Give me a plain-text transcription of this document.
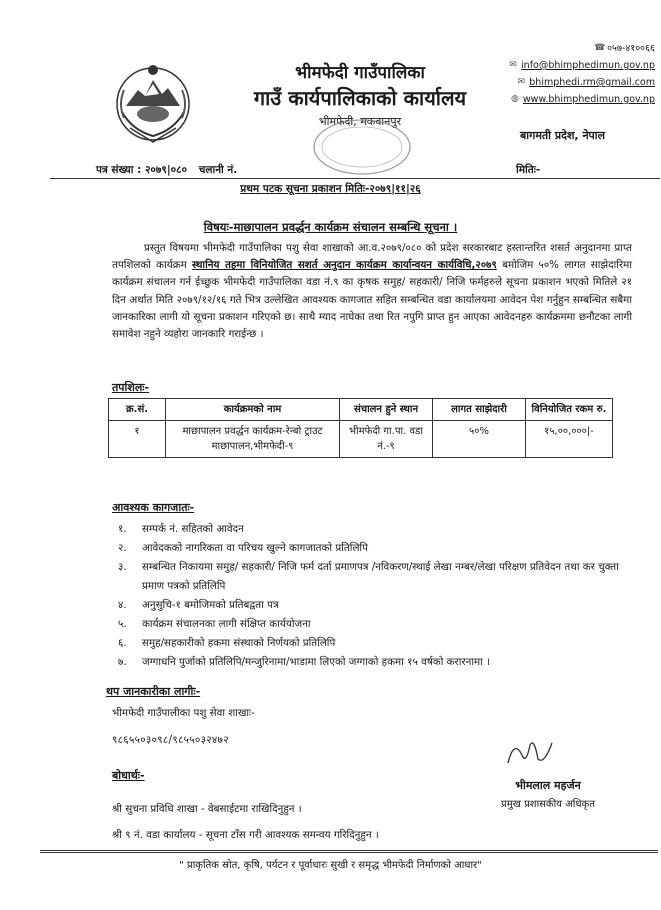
भीमफेदी गाउँपालिका
गाउँ कार्यपालिकाको कार्यालय
भीमफेदी, मकवानपुर
☎ ०५७-४१००६६
✉ info@bhimphedimun.gov.np
✉ bhimphedi.rm@gmail.com
◍ www.bhimphedimun.gov.np
बागमती प्रदेश, नेपाल
पत्र संख्या : २०७९|०८० चलानी नं.	मितिः-
प्रथम पटक सूचना प्रकाशन मितिः-२०७९|११|२६
विषयः-माछापालन प्रवर्द्धन कार्यक्रम संचालन सम्बन्धि सूचना ।
प्रस्तुत विषयमा भीमफेदी गाउँपालिका पशु सेवा शाखाको आ.व.२०७९/०८० को प्रदेश सरकारबाट हस्तान्तरित शसर्त अनुदानमा प्राप्त तपशिलको कार्यक्रम स्थानिय तहमा विनियोजित सशर्त अनुदान कार्यक्रम कार्यान्वयन कार्यविधि,२०७९ बमोजिम ५०% लागत साझेदारिमा कार्यक्रम संचालन गर्न ईच्छुक भीमफेदी गाउँपालिका वडा नं.९ का कृषक समुह/ सहकारी/ निजि फर्महरुले सूचना प्रकाशन भएको मितिले २१ दिन अर्थात मिति २०७९/१२/१६ गते भित्र उल्लेखित आवश्यक कागजात सहित सम्बन्धित वडा कार्यालयमा आवेदन पेश गर्नुहुन सम्बन्धित सबैमा जानकारिका लागी यो सूचना प्रकाशन गरिएको छ। साथै म्याद नाघेका तथा रित नपुगि प्राप्त हुन आएका आवेदनहरु कार्यक्रममा छनौटका लागी समावेश नहुने व्यहोरा जानकारि गराईन्छ ।
तपशिलः-
क्र.सं.	कार्यक्रमको नाम	संचालन हुने स्थान	लागत साझेदारी	विनियोजित रकम रु.
१	माछापालन प्रवर्द्धन कार्यक्रम-रेन्बो ट्राउट माछापालन,भीमफेदी-९	भीमफेदी गा.पा. वडा नं.-९	५०%	१५,००,०००|-
आवश्यक कागजातः-
१.	सम्पर्क नं. सहितको आवेदन
२.	आवेदकको नागरिकता वा परिचय खुल्ने कागजातको प्रतिलिपि
३.	सम्बन्धित निकायमा समुह/ सहकारी/ निजि फर्म दर्ता प्रमाणपत्र /नविकरण/स्थाई लेखा नम्बर/लेखा परिक्षण प्रतिवेदन तथा कर चुक्ता प्रमाण पत्रको प्रतिलिपि
४.	अनुसुचि-१ बमोजिमको प्रतिबद्वता पत्र
५.	कार्यक्रम संचालनका लागी संक्षिप्त कार्ययोजना
६.	समुह/सहकारीको हकमा संस्थाको निर्णयको प्रतिलिपि
७.	जग्गाधनि पुर्जाको प्रतिलिपि/मन्जुरिनामा/भाडामा लिएको जग्गाको हकमा १५ वर्षको करारनामा ।
थप जानकारीका लागीः-
भीमफेदी गाउँपालीका पशु सेवा शाखाः-
९८६५५०३०९८/९८५५०३२४७२
बोधार्थः-
श्री सुचना प्रविधि शाखा - वेबसाईटमा राखिदिनुहुन ।
श्री ९ नं. वडा कार्यालय - सूचना टाँस गरी आवश्यक समन्वय गरिदिनुहुन ।
भीमलाल महर्जन
प्रमुख प्रशासकीय अधिकृत
" प्राकृतिक स्रोत, कृषि, पर्यटन र पूर्वाधारः सुखी र समृद्ध भीमफेदी निर्माणको आधार"
